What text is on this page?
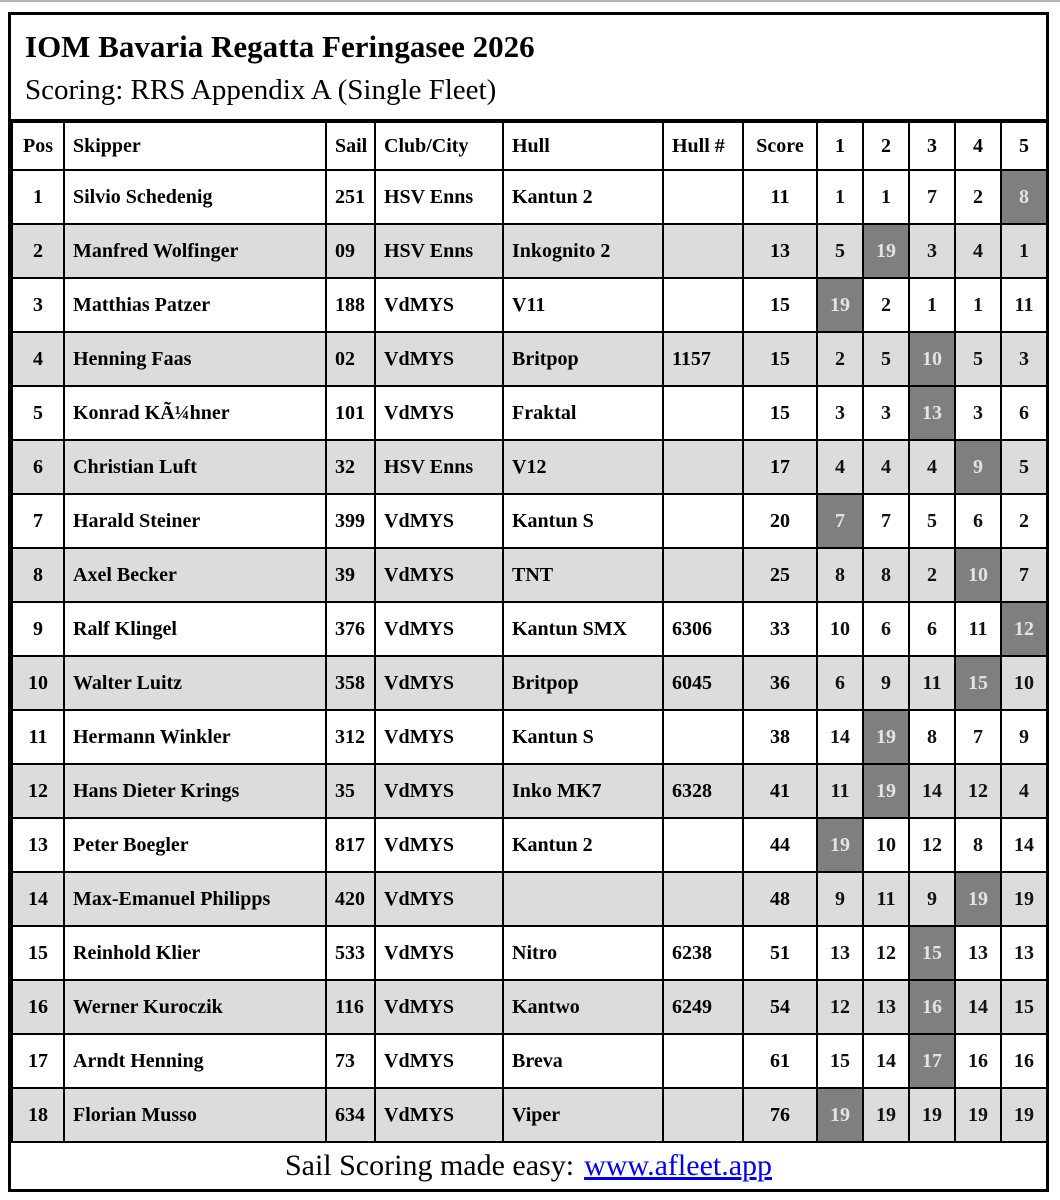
IOM Bavaria Regatta Feringasee 2026
Scoring: RRS Appendix A (Single Fleet)
Pos	Skipper	Sail	Club/City	Hull	Hull #	Score	1	2	3	4	5
1	Silvio Schedenig	251	HSV Enns	Kantun 2		11	1	1	7	2	8
2	Manfred Wolfinger	09	HSV Enns	Inkognito 2		13	5	19	3	4	1
3	Matthias Patzer	188	VdMYS	V11		15	19	2	1	1	11
4	Henning Faas	02	VdMYS	Britpop	1157	15	2	5	10	5	3
5	Konrad KÃ¼hner	101	VdMYS	Fraktal		15	3	3	13	3	6
6	Christian Luft	32	HSV Enns	V12		17	4	4	4	9	5
7	Harald Steiner	399	VdMYS	Kantun S		20	7	7	5	6	2
8	Axel Becker	39	VdMYS	TNT		25	8	8	2	10	7
9	Ralf Klingel	376	VdMYS	Kantun SMX	6306	33	10	6	6	11	12
10	Walter Luitz	358	VdMYS	Britpop	6045	36	6	9	11	15	10
11	Hermann Winkler	312	VdMYS	Kantun S		38	14	19	8	7	9
12	Hans Dieter Krings	35	VdMYS	Inko MK7	6328	41	11	19	14	12	4
13	Peter Boegler	817	VdMYS	Kantun 2		44	19	10	12	8	14
14	Max-Emanuel Philipps	420	VdMYS			48	9	11	9	19	19
15	Reinhold Klier	533	VdMYS	Nitro	6238	51	13	12	15	13	13
16	Werner Kuroczik	116	VdMYS	Kantwo	6249	54	12	13	16	14	15
17	Arndt Henning	73	VdMYS	Breva		61	15	14	17	16	16
18	Florian Musso	634	VdMYS	Viper		76	19	19	19	19	19
Sail Scoring made easy: www.afleet.app
